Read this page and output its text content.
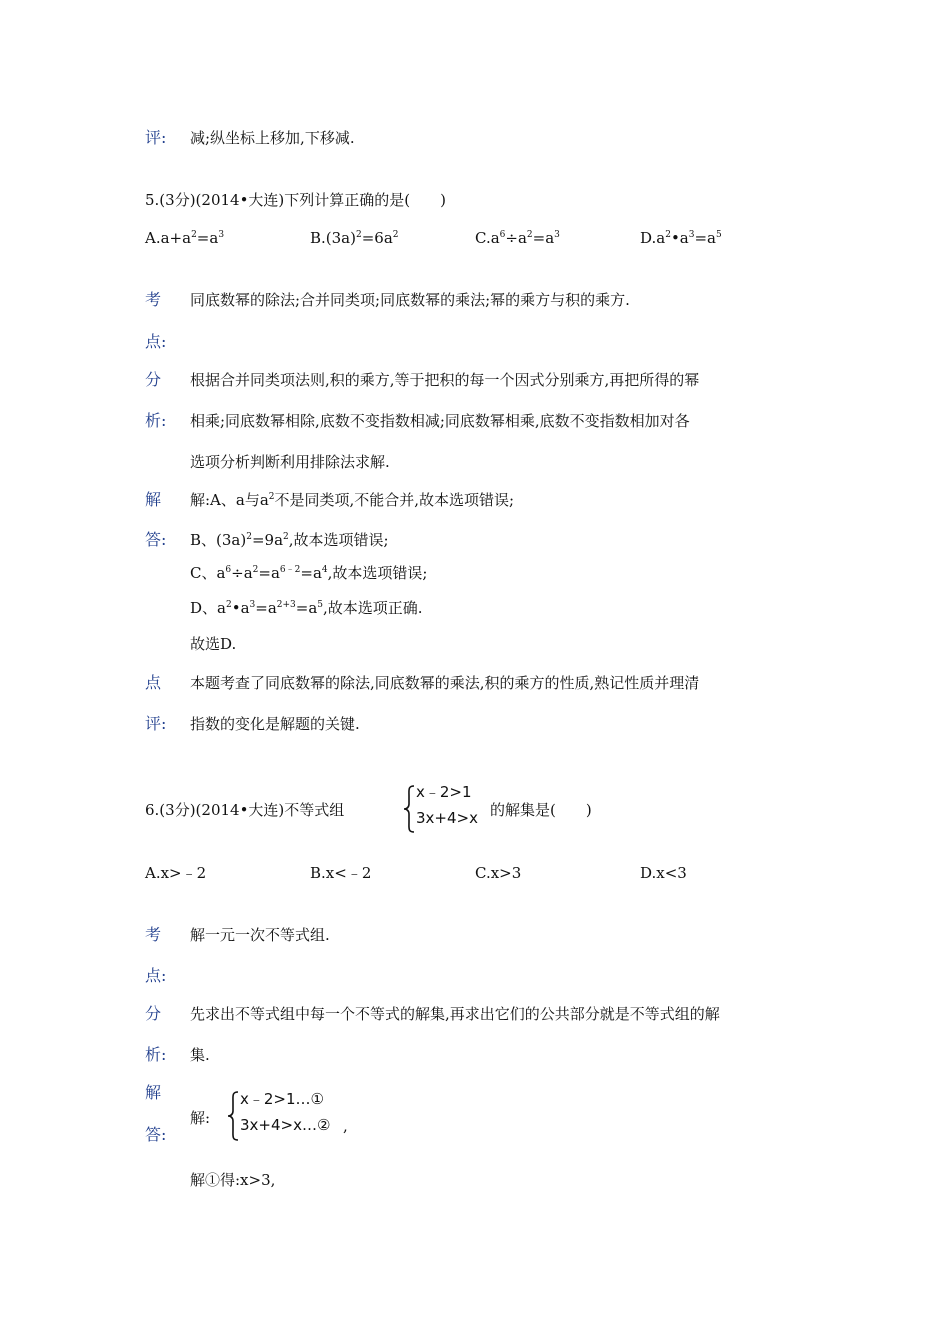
评: 减;纵坐标上移加,下移减.
5.(3分)(2014•大连)下列计算正确的是(　　)
$A.a+a^2=a^3$	$B.(3a)^2=6a^2$	$C.a^6\div a^2=a^3$	$D.a^2•a^3=a^5$
考 同底数幂的除法;合并同类项;同底数幂的乘法;幂的乘方与积的乘方.
点:
分 根据合并同类项法则,积的乘方,等于把积的每一个因式分别乘方,再把所得的幂
析: 相乘;同底数幂相除,底数不变指数相减;同底数幂相乘,底数不变指数相加对各
选项分析判断利用排除法求解.
解 解:A、a与$a^2$不是同类项,不能合并,故本选项错误;
答: B、$(3a)^2=9a^2$,故本选项错误;
C、$a^6\div a^2=a^{6﹣2}=a^4$,故本选项错误;
D、$a^2•a^3=a^{2+3}=a^5$,故本选项正确.
故选D.
点 本题考查了同底数幂的除法,同底数幂的乘法,积的乘方的性质,熟记性质并理清
评: 指数的变化是解题的关键.
6.(3分)(2014•大连)不等式组
x﹣2>1
3x+4>x 的解集是(　　)
A.x>﹣2	B.x<﹣2	C.x>3	D.x<3
考 解一元一次不等式组.
点:
分 先求出不等式组中每一个不等式的解集,再求出它们的公共部分就是不等式组的解
析: 集.
解
解:
x﹣2>1…①
3x+4>x…② ,
答:
解①得:x>3,
